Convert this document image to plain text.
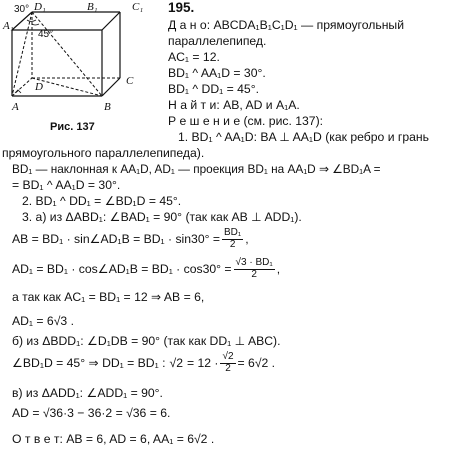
A₁
D₁	B₁	C₁
A	B
C
D
30°
45°
Рис. 137
195.
Д а н о: ABCDA₁B₁C₁D₁ — прямоугольный
параллелепипед.
AC₁ = 12.
BD₁ ^ AA₁D = 30°.
BD₁ ^ DD₁ = 45°.
Н а й т и: AB, AD и A₁A.
Р е ш е н и е (см. рис. 137):
1. BD₁ ^ AA₁D: BA ⊥ AA₁D (как ребро и грань
прямоугольного параллелепипеда).
BD₁ — наклонная к AA₁D, AD₁ — проекция BD₁ на AA₁D ⇒ ∠BD₁A =
= BD₁ ^ AA₁D = 30°.
2. BD₁ ^ DD₁ = ∠BD₁D = 45°.
3. а) из ΔABD₁: ∠BAD₁ = 90° (так как AB ⊥ ADD₁).
AB = BD₁ · sin∠AD₁B = $BD_1 \cdot \sin 30^\circ = \frac{\text{BD₁}}{2}$ ,
AD₁ = BD₁ · cos∠AD₁B = $BD_1 \cdot \cos 30^\circ = \frac{\text{√3 · BD₁}}{2}$ ,
а так как AC₁ = BD₁ = 12 ⇒ AB = 6,
AD₁ = 6√3 .
б) из ΔBDD₁: ∠D₁DB = 90° (так как DD₁ ⊥ ABC).
∠BD₁D = 45° ⇒ DD₁ = BD₁ : $√2 = 12 \cdot \frac{√2}{2} = 6√2$ .
в) из ΔADD₁: ∠ADD₁ = 90°.
AD = √36·3 − 36·2 = √36 = 6.
О т в е т: AB = 6, AD = 6, AA₁ = 6√2 .
